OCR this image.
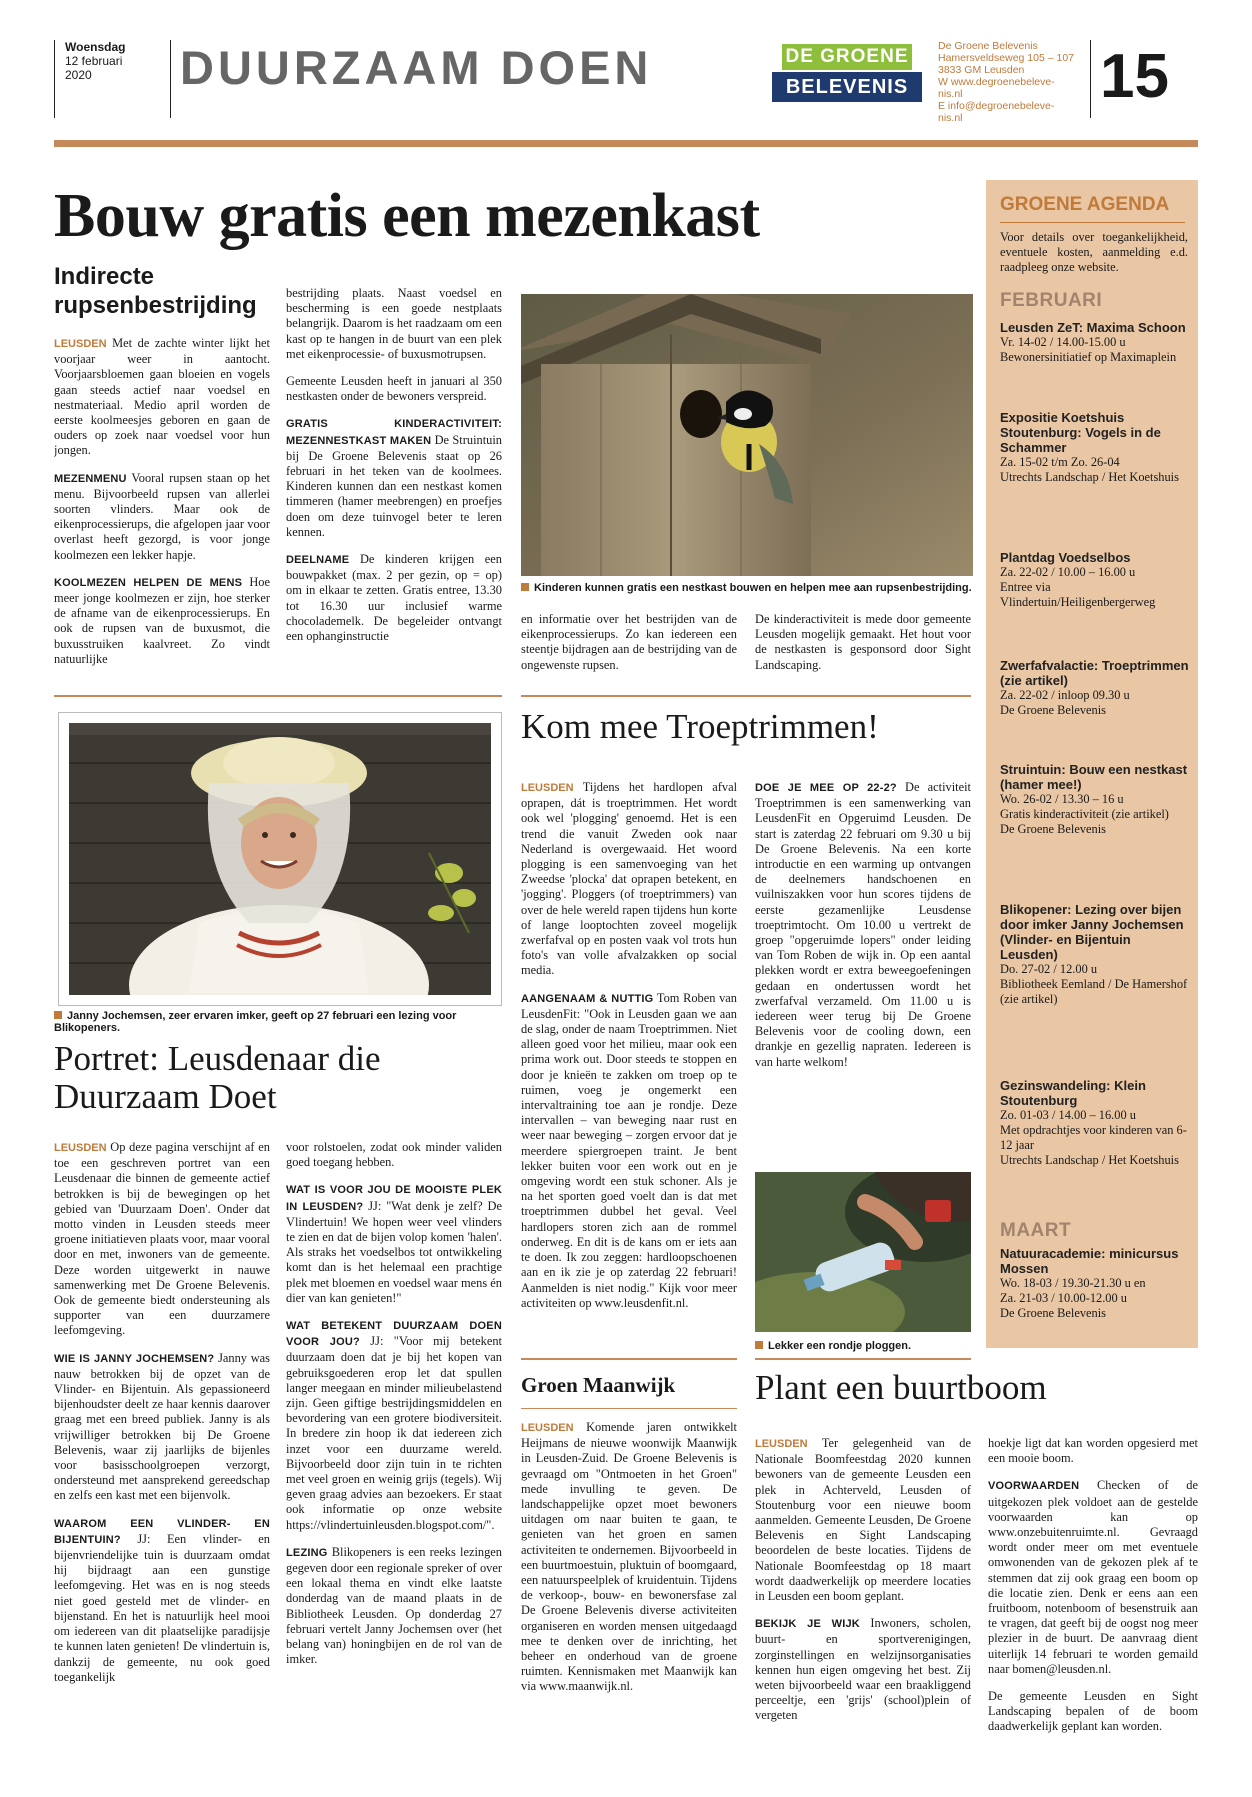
Woensdag
12 februari
2020	DUURZAAM DOEN	DE GROENE
BELEVENIS
De Groene Belevenis
Hamersveldseweg 105 – 107
3833 GM Leusden
W www.degroenebeleve-
nis.nl
E info@degroenebeleve-
nis.nl
15
Bouw gratis een mezenkast
Indirecte rupsenbestrijding

LEUSDEN Met de zachte winter lijkt het voorjaar weer in aantocht. Voorjaarsbloemen gaan bloeien en vogels gaan steeds actief naar voedsel en nestmateriaal. Medio april worden de eerste koolmeesjes geboren en gaan de ouders op zoek naar voedsel voor hun jongen.

MEZENMENU Vooral rupsen staan op het menu. Bijvoorbeeld rupsen van allerlei soorten vlinders. Maar ook de eikenprocessierups, die afgelopen jaar voor overlast heeft gezorgd, is voor jonge koolmezen een lekker hapje.

KOOLMEZEN HELPEN DE MENS Hoe meer jonge koolmezen er zijn, hoe sterker de afname van de eikenprocessierups. En ook de rupsen van de buxusmot, die buxusstruiken kaalvreet. Zo vindt natuurlijke

bestrijding plaats. Naast voedsel en bescherming is een goede nestplaats belangrijk. Daarom is het raadzaam om een kast op te hangen in de buurt van een plek met eikenprocessie- of buxusmotrupsen.

Gemeente Leusden heeft in januari al 350 nestkasten onder de bewoners verspreid.

GRATIS KINDERACTIVITEIT: MEZENNESTKAST MAKEN De Struintuin bij De Groene Belevenis staat op 26 februari in het teken van de koolmees. Kinderen kunnen dan een nestkast komen timmeren (hamer meebrengen) en proefjes doen om deze tuinvogel beter te leren kennen.

DEELNAME De kinderen krijgen een bouwpakket (max. 2 per gezin, op = op) om in elkaar te zetten. Gratis entree, 13.30 tot 16.30 uur inclusief warme chocolademelk. De begeleider ontvangt een ophanginstructie

Kinderen kunnen gratis een nestkast bouwen en helpen mee aan rupsenbestrijding.

en informatie over het bestrijden van de eikenprocessierups. Zo kan iedereen een steentje bijdragen aan de bestrijding van de ongewenste rupsen.

De kinderactiviteit is mede door gemeente Leusden mogelijk gemaakt. Het hout voor de nestkasten is gesponsord door Sight Landscaping.

Janny Jochemsen, zeer ervaren imker, geeft op 27 februari een lezing voor Blikopeners.
Portret: Leusdenaar die Duurzaam Doet

LEUSDEN Op deze pagina verschijnt af en toe een geschreven portret van een Leusdenaar die binnen de gemeente actief betrokken is bij de bewegingen op het gebied van 'Duurzaam Doen'. Onder dat motto vinden in Leusden steeds meer groene initiatieven plaats voor, maar vooral door en met, inwoners van de gemeente. Deze worden uitgewerkt in nauwe samenwerking met De Groene Belevenis. Ook de gemeente biedt ondersteuning als supporter van een duurzamere leefomgeving.

WIE IS JANNY JOCHEMSEN? Janny was nauw betrokken bij de opzet van de Vlinder- en Bijentuin. Als gepassioneerd bijenhoudster deelt ze haar kennis daarover graag met een breed publiek. Janny is als vrijwilliger betrokken bij De Groene Belevenis, waar zij jaarlijks de bijenles voor basisschoolgroepen verzorgt, ondersteund met aansprekend gereedschap en zelfs een kast met een bijenvolk.

WAAROM EEN VLINDER- EN BIJENTUIN? JJ: Een vlinder- en bijenvriendelijke tuin is duurzaam omdat hij bijdraagt aan een gunstige leefomgeving. Het was en is nog steeds niet goed gesteld met de vlinder- en bijenstand. En het is natuurlijk heel mooi om iedereen van dit plaatselijke paradijsje te kunnen laten genieten! De vlindertuin is, dankzij de gemeente, nu ook goed toegankelijk

voor rolstoelen, zodat ook minder validen goed toegang hebben.

WAT IS VOOR JOU DE MOOISTE PLEK IN LEUSDEN? JJ: "Wat denk je zelf? De Vlindertuin! We hopen weer veel vlinders te zien en dat de bijen volop komen 'halen'. Als straks het voedselbos tot ontwikkeling komt dan is het helemaal een prachtige plek met bloemen en voedsel waar mens én dier van kan genieten!"

WAT BETEKENT DUURZAAM DOEN VOOR JOU? JJ: "Voor mij betekent duurzaam doen dat je bij het kopen van gebruiksgoederen erop let dat spullen langer meegaan en minder milieubelastend zijn. Geen giftige bestrijdingsmiddelen en bevordering van een grotere biodiversiteit. In bredere zin hoop ik dat iedereen zich inzet voor een duurzame wereld. Bijvoorbeeld door zijn tuin in te richten met veel groen en weinig grijs (tegels). Wij geven graag advies aan bezoekers. Er staat ook informatie op onze website https://vlindertuinleusden.blogspot.com/".

LEZING Blikopeners is een reeks lezingen gegeven door een regionale spreker of over een lokaal thema en vindt elke laatste donderdag van de maand plaats in de Bibliotheek Leusden. Op donderdag 27 februari vertelt Janny Jochemsen over (het belang van) honingbijen en de rol van de imker.

Kom mee Troeptrimmen!

LEUSDEN Tijdens het hardlopen afval oprapen, dát is troeptrimmen. Het wordt ook wel 'plogging' genoemd. Het is een trend die vanuit Zweden ook naar Nederland is overgewaaid. Het woord plogging is een samenvoeging van het Zweedse 'plocka' dat oprapen betekent, en 'jogging'. Ploggers (of troeptrimmers) van over de hele wereld rapen tijdens hun korte of lange looptochten zoveel mogelijk zwerfafval op en posten vaak vol trots hun foto's van volle afvalzakken op social media.

AANGENAAM & NUTTIG Tom Roben van LeusdenFit: "Ook in Leusden gaan we aan de slag, onder de naam Troeptrimmen. Niet alleen goed voor het milieu, maar ook een prima work out. Door steeds te stoppen en door je knieën te zakken om troep op te ruimen, voeg je ongemerkt een intervaltraining toe aan je rondje. Deze intervallen – van beweging naar rust en weer naar beweging – zorgen ervoor dat je meerdere spiergroepen traint. Je bent lekker buiten voor een work out en je omgeving wordt een stuk schoner. Als je na het sporten goed voelt dan is dat met troeptrimmen dubbel het geval. Veel hardlopers storen zich aan de rommel onderweg. En dit is de kans om er iets aan te doen. Ik zou zeggen: hardloopschoenen aan en ik zie je op zaterdag 22 februari! Aanmelden is niet nodig." Kijk voor meer activiteiten op www.leusdenfit.nl.

DOE JE MEE OP 22-2? De activiteit Troeptrimmen is een samenwerking van LeusdenFit en Opgeruimd Leusden. De start is zaterdag 22 februari om 9.30 u bij De Groene Belevenis. Na een korte introductie en een warming up ontvangen de deelnemers handschoenen en vuilniszakken voor hun scores tijdens de eerste gezamenlijke Leusdense troeptrimtocht. Om 10.00 u vertrekt de groep "opgeruimde lopers" onder leiding van Tom Roben de wijk in. Op een aantal plekken wordt er extra beweegoefeningen gedaan en ondertussen wordt het zwerfafval verzameld. Om 11.00 u is iedereen weer terug bij De Groene Belevenis voor de cooling down, een drankje en gezellig napraten. Iedereen is van harte welkom!

Lekker een rondje ploggen.
Groen Maanwijk

LEUSDEN Komende jaren ontwikkelt Heijmans de nieuwe woonwijk Maanwijk in Leusden-Zuid. De Groene Belevenis is gevraagd om "Ontmoeten in het Groen" mede invulling te geven. De landschappelijke opzet moet bewoners uitdagen om naar buiten te gaan, te genieten van het groen en samen activiteiten te ondernemen. Bijvoorbeeld in een buurtmoestuin, pluktuin of boomgaard, een natuurspeelplek of kruidentuin. Tijdens de verkoop-, bouw- en bewonersfase zal De Groene Belevenis diverse activiteiten organiseren en worden mensen uitgedaagd mee te denken over de inrichting, het beheer en onderhoud van de groene ruimten. Kennismaken met Maanwijk kan via www.maanwijk.nl.

Plant een buurtboom

LEUSDEN Ter gelegenheid van de Nationale Boomfeestdag 2020 kunnen bewoners van de gemeente Leusden een plek in Achterveld, Leusden of Stoutenburg voor een nieuwe boom aanmelden. Gemeente Leusden, De Groene Belevenis en Sight Landscaping beoordelen de beste locaties. Tijdens de Nationale Boomfeestdag op 18 maart wordt daadwerkelijk op meerdere locaties in Leusden een boom geplant.

BEKIJK JE WIJK Inwoners, scholen, buurt- en sportverenigingen, zorginstellingen en welzijnsorganisaties kennen hun eigen omgeving het best. Zij weten bijvoorbeeld waar een braakliggend perceeltje, een 'grijs' (school)plein of vergeten

hoekje ligt dat kan worden opgesierd met een mooie boom.

VOORWAARDEN Checken of de uitgekozen plek voldoet aan de gestelde voorwaarden kan op www.onzebuitenruimte.nl. Gevraagd wordt onder meer om met eventuele omwonenden van de gekozen plek af te stemmen dat zij ook graag een boom op die locatie zien. Denk er eens aan een fruitboom, notenboom of besenstruik aan te vragen, dat geeft bij de oogst nog meer plezier in de buurt. De aanvraag dient uiterlijk 14 februari te worden gemaild naar bomen@leusden.nl.

De gemeente Leusden en Sight Landscaping bepalen of de boom daadwerkelijk geplant kan worden.

GROENE AGENDA
Voor details over toegankelijkheid, eventuele kosten, aanmelding e.d. raadpleeg onze website.
FEBRUARI
Leusden ZeT: Maxima Schoon
Vr. 14-02 / 14.00-15.00 u
Bewonersinitiatief op Maximaplein
Expositie Koetshuis Stoutenburg: Vogels in de Schammer
Za. 15-02 t/m Zo. 26-04
Utrechts Landschap / Het Koetshuis
Plantdag Voedselbos
Za. 22-02 / 10.00 – 16.00 u
Entree via Vlindertuin/Heiligenbergerweg
Zwerfafvalactie: Troeptrimmen (zie artikel)
Za. 22-02 / inloop 09.30 u
De Groene Belevenis
Struintuin: Bouw een nestkast (hamer mee!)
Wo. 26-02 / 13.30 – 16 u
Gratis kinderactiviteit (zie artikel)
De Groene Belevenis
Blikopener: Lezing over bijen door imker Janny Jochemsen (Vlinder- en Bijentuin Leusden)
Do. 27-02 / 12.00 u
Bibliotheek Eemland / De Hamershof (zie artikel)
Gezinswandeling: Klein Stoutenburg
Zo. 01-03 / 14.00 – 16.00 u
Met opdrachtjes voor kinderen van 6-12 jaar
Utrechts Landschap / Het Koetshuis
MAART
Natuuracademie: minicursus Mossen
Wo. 18-03 / 19.30-21.30 u en
Za. 21-03 / 10.00-12.00 u
De Groene Belevenis
